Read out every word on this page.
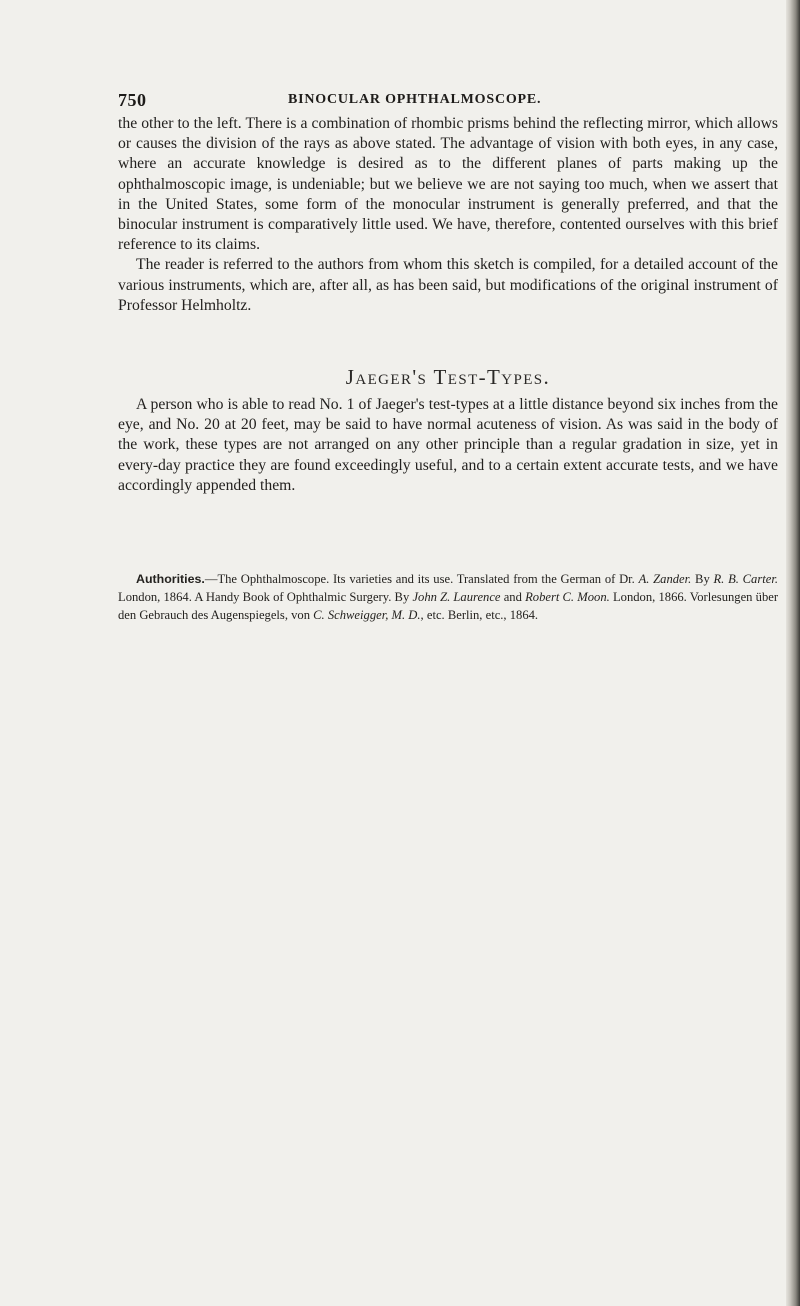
750	BINOCULAR OPHTHALMOSCOPE.

the other to the left. There is a combination of rhombic prisms behind the reflecting mirror, which allows or causes the division of the rays as above stated. The advantage of vision with both eyes, in any case, where an accurate knowledge is desired as to the different planes of parts making up the ophthalmoscopic image, is undeniable; but we believe we are not saying too much, when we assert that in the United States, some form of the monocular instrument is generally preferred, and that the binocular instrument is comparatively little used. We have, therefore, contented ourselves with this brief reference to its claims.

The reader is referred to the authors from whom this sketch is compiled, for a detailed account of the various instruments, which are, after all, as has been said, but modifications of the original instrument of Professor Helmholtz.

Jaeger's Test-Types.

A person who is able to read No. 1 of Jaeger's test-types at a little distance beyond six inches from the eye, and No. 20 at 20 feet, may be said to have normal acuteness of vision. As was said in the body of the work, these types are not arranged on any other principle than a regular gradation in size, yet in every-day practice they are found exceedingly useful, and to a certain extent accurate tests, and we have accordingly appended them.

Authorities.—The Ophthalmoscope. Its varieties and its use. Translated from the German of Dr. A. Zander. By R. B. Carter. London, 1864. A Handy Book of Ophthalmic Surgery. By John Z. Laurence and Robert C. Moon. London, 1866. Vorlesungen über den Gebrauch des Augenspiegels, von C. Schweigger, M. D., etc. Berlin, etc., 1864.
